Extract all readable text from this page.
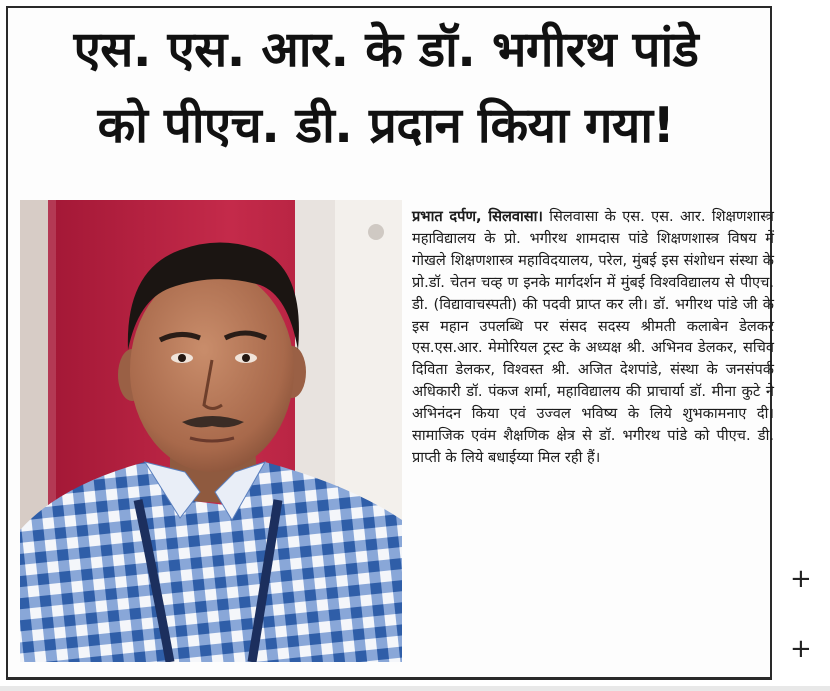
एस. एस. आर. के डॉ. भगीरथ पांडे
को पीएच. डी. प्रदान किया गया!
प्रभात दर्पण, सिलवासा। सिलवासा के एस. एस. आर. शिक्षणशास्त्र महाविद्यालय के प्रो. भगीरथ शामदास पांडे शिक्षणशास्त्र विषय में गोखले शिक्षणशास्त्र महाविदयालय, परेल, मुंबई इस संशोधन संस्था के प्रो.डॉ. चेतन चव्ह ण इनके मार्गदर्शन में मुंबई विश्वविद्यालय से पीएच. डी. (विद्यावाचस्पती) की पदवी प्राप्त कर ली। डॉ. भगीरथ पांडे जी के इस महान उपलब्धि पर संसद सदस्य श्रीमती कलाबेन डेलकर एस.एस.आर. मेमोरियल ट्रस्ट के अध्यक्ष श्री. अभिनव डेलकर, सचिव दिविता डेलकर, विश्वस्त श्री. अजित देशपांडे, संस्था के जनसंपर्क अधिकारी डॉ. पंकज शर्मा, महाविद्यालय की प्राचार्या डॉ. मीना कुटे ने अभिनंदन किया एवं उज्वल भविष्य के लिये शुभकामनाए दी। सामाजिक एवंम शैक्षणिक क्षेत्र से डॉ. भगीरथ पांडे को पीएच. डी. प्राप्ती के लिये बधाईय्या मिल रही हैं।
+
+
